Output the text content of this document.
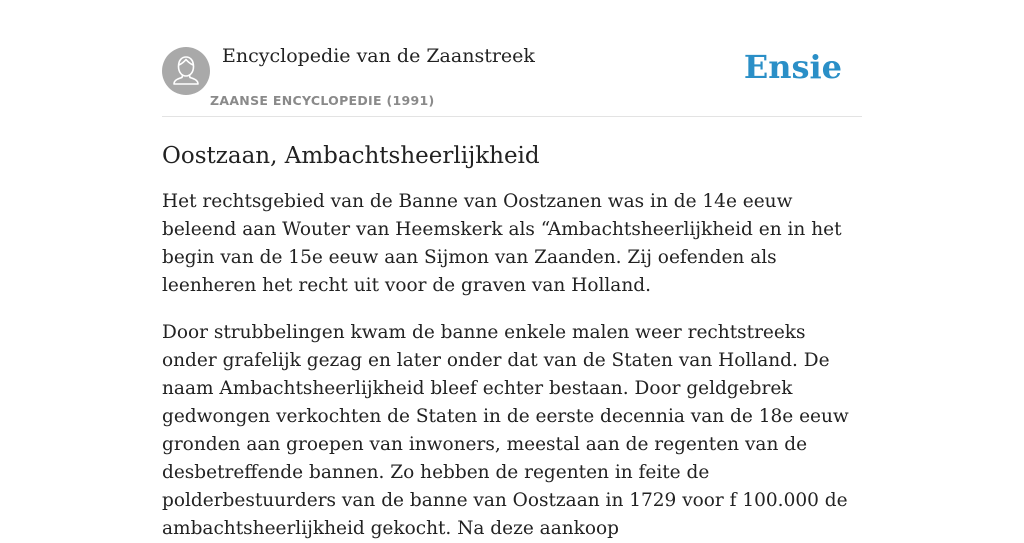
Encyclopedie van de Zaanstreek
ZAANSE ENCYCLOPEDIE (1991)
Ensie
Oostzaan, Ambachtsheerlijkheid

Het rechtsgebied van de Banne van Oostzanen was in de 14e eeuw beleend aan Wouter van Heemskerk als “Ambachtsheerlijkheid en in het begin van de 15e eeuw aan Sijmon van Zaanden. Zij oefenden als leenheren het recht uit voor de graven van Holland.

Door strubbelingen kwam de banne enkele malen weer rechtstreeks onder grafelijk gezag en later onder dat van de Staten van Holland. De naam Ambachtsheerlijkheid bleef echter bestaan. Door geldgebrek gedwongen verkochten de Staten in de eerste decennia van de 18e eeuw gronden aan groepen van inwoners, meestal aan de regenten van de desbetreffende bannen. Zo hebben de regenten in feite de polderbestuurders van de banne van Oostzaan in 1729 voor f 100.000 de ambachtsheerlijkheid gekocht. Na deze aankoop
